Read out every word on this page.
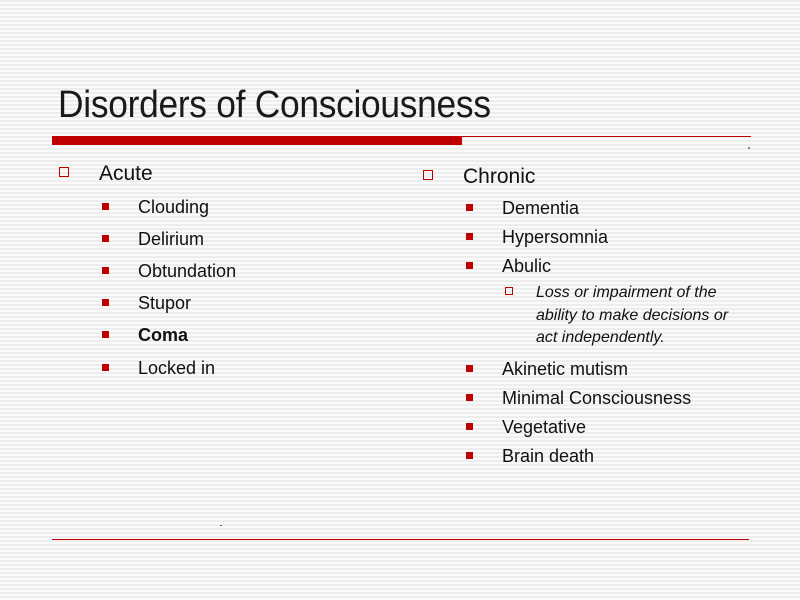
Disorders of Consciousness
Acute
Clouding
Delirium
Obtundation
Stupor
Coma
Locked in
Chronic
Dementia
Hypersomnia
Abulic
Loss or impairment of the ability to make decisions or act independently.
Akinetic mutism
Minimal Consciousness
Vegetative
Brain death
